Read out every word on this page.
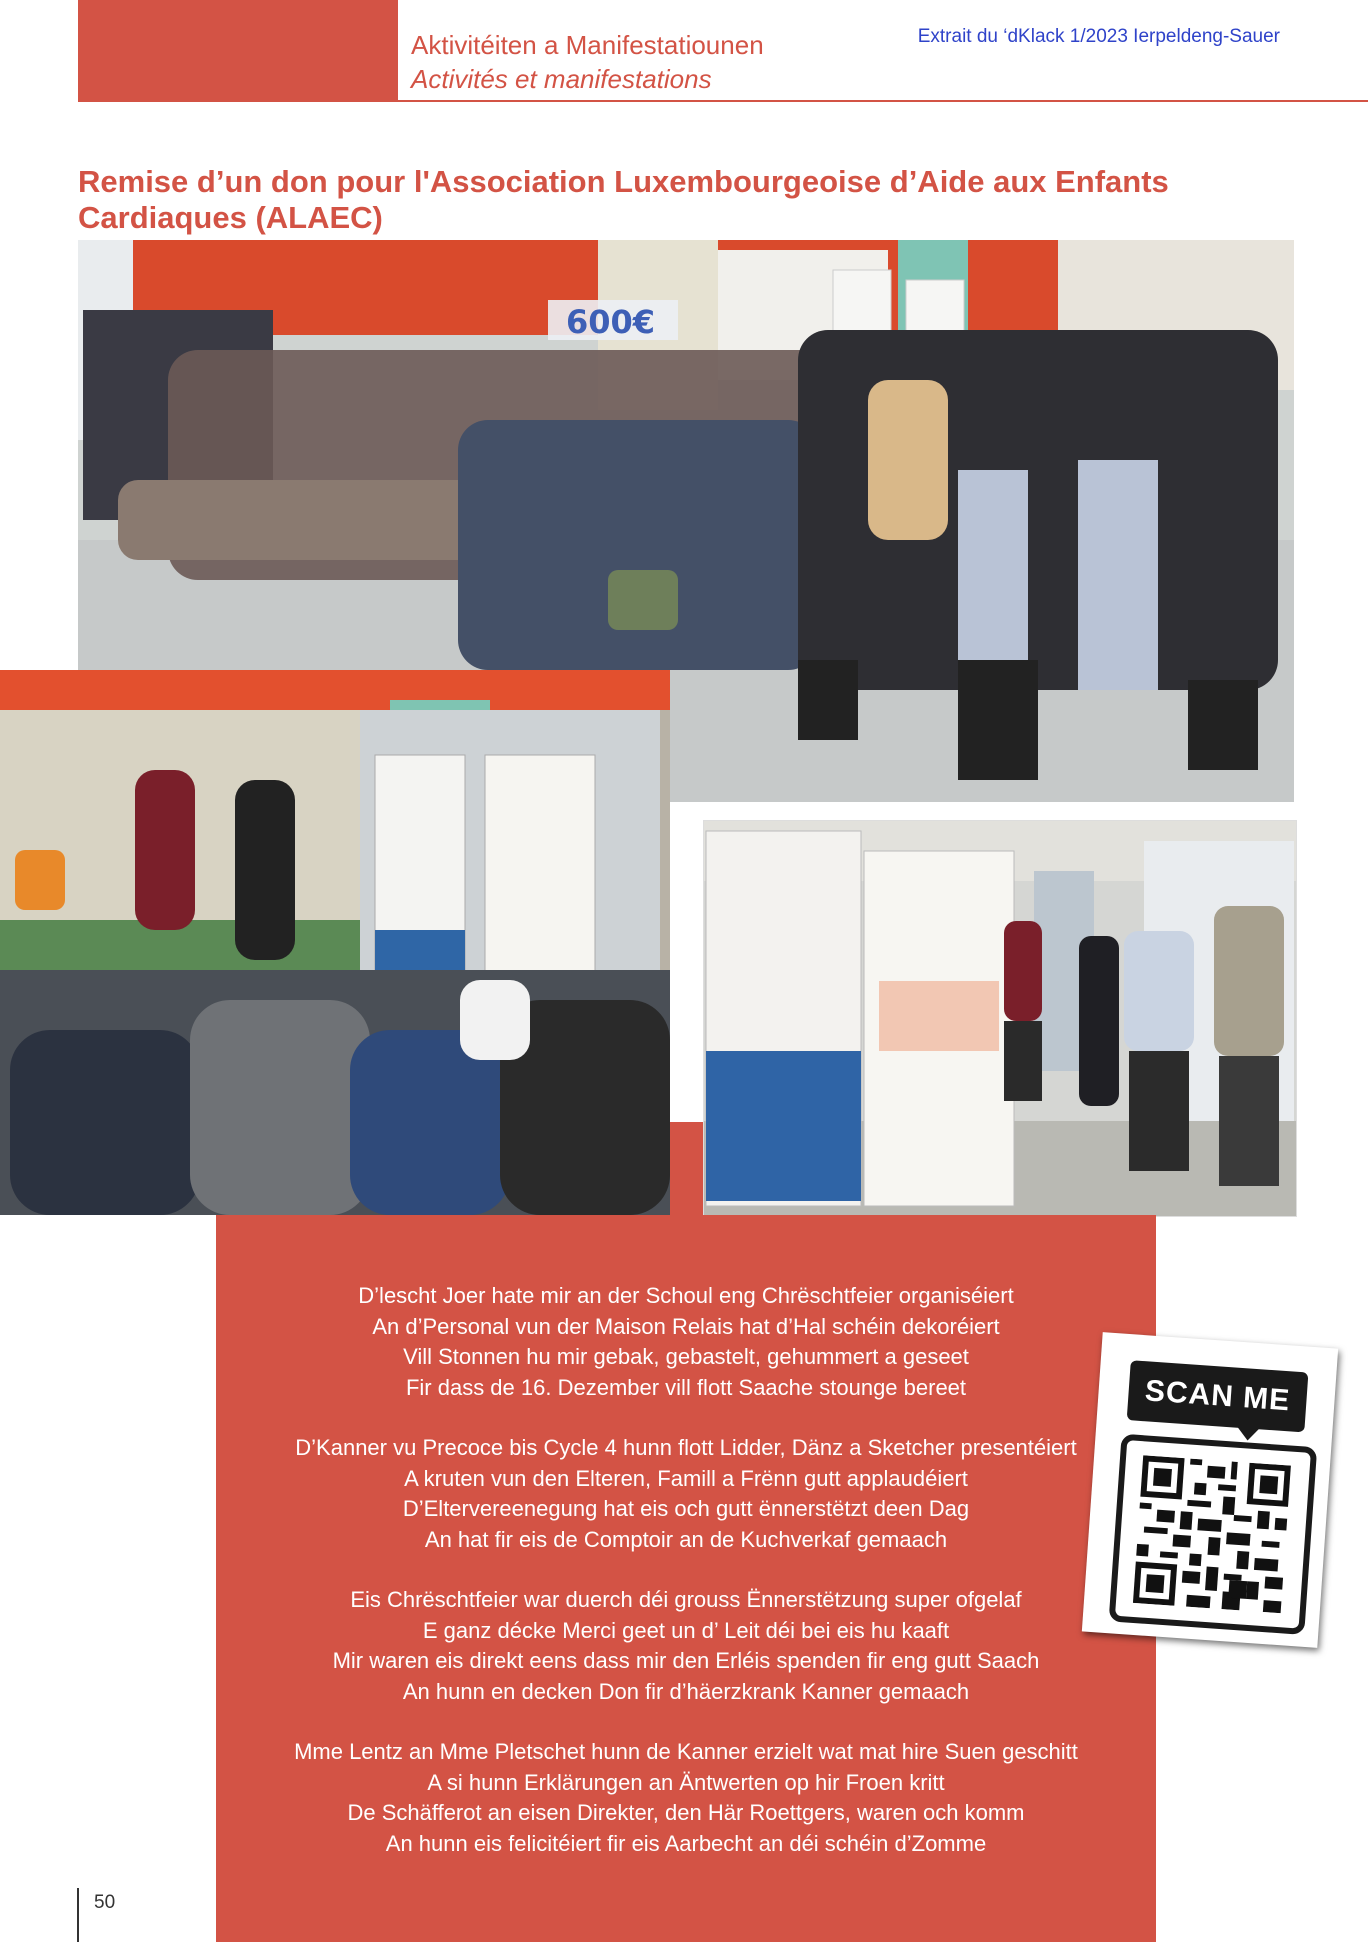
Aktivitéiten a Manifestatiounen
Activités et manifestations
Extrait du ‘dKlack 1/2023 Ierpeldeng-Sauer
Remise d’un don pour l'Association Luxembourgeoise d’Aide aux Enfants Cardiaques (ALAEC)
600€
D’lescht Joer hate mir an der Schoul eng Chrëschtfeier organiséiert
An d’Personal vun der Maison Relais hat d’Hal schéin dekoréiert
Vill Stonnen hu mir gebak, gebastelt, gehummert a geseet
Fir dass de 16. Dezember vill flott Saache stounge bereet
D’Kanner vu Precoce bis Cycle 4 hunn flott Lidder, Dänz a Sketcher presentéiert
A kruten vun den Elteren, Famill a Frënn gutt applaudéiert
D’Eltervereenegung hat eis och gutt ënnerstëtzt deen Dag
An hat fir eis de Comptoir an de Kuchverkaf gemaach
Eis Chrëschtfeier war duerch déi grouss Ënnerstëtzung super ofgelaf
E ganz décke Merci geet un d’ Leit déi bei eis hu kaaft
Mir waren eis direkt eens dass mir den Erléis spenden fir eng gutt Saach
An hunn en decken Don fir d’häerzkrank Kanner gemaach
Mme Lentz an Mme Pletschet hunn de Kanner erzielt wat mat hire Suen geschitt
A si hunn Erklärungen an Äntwerten op hir Froen kritt
De Schäfferot an eisen Direkter, den Här Roettgers, waren och komm
An hunn eis felicitéiert fir eis Aarbecht an déi schéin d’Zomme
SCAN ME
50
